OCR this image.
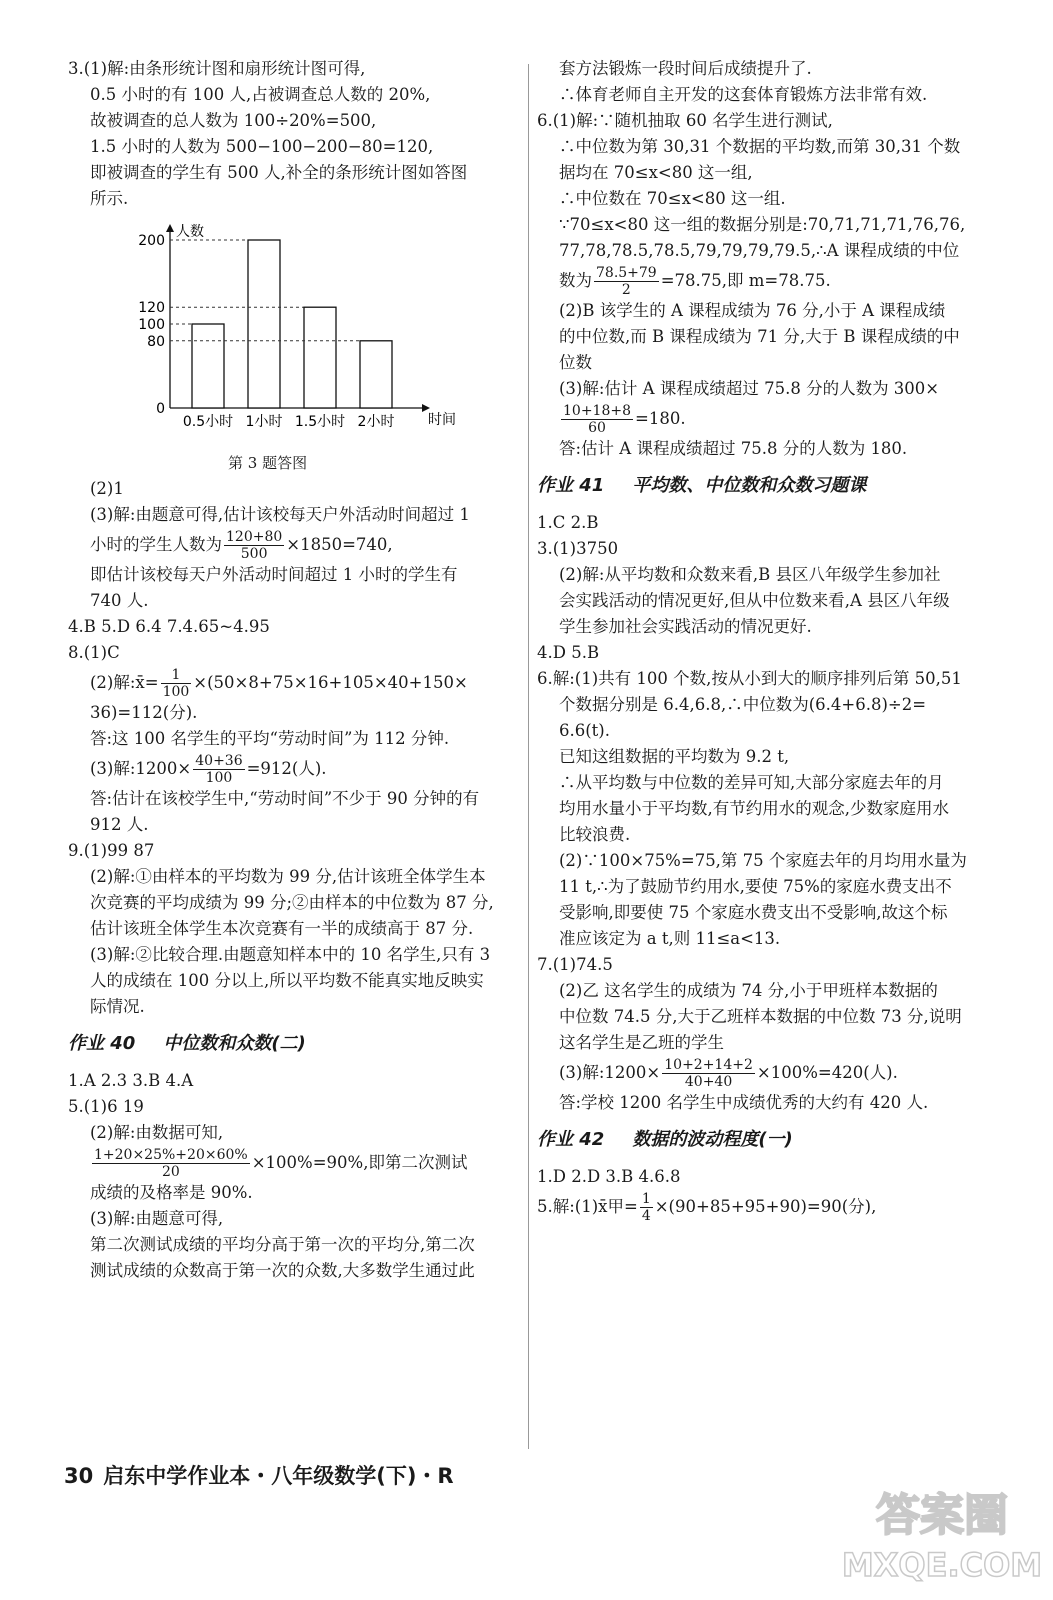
3.(1)解:由条形统计图和扇形统计图可得,
0.5 小时的有 100 人,占被调查总人数的 20%,
故被调查的总人数为 100÷20%=500,
1.5 小时的人数为 500−100−200−80=120,
即被调查的学生有 500 人,补全的条形统计图如答图
所示.
人数
时间
0.5小时 1小时 1.5小时 2小时
0
80
100
120
200
第 3 题答图
(2)1
(3)解:由题意可得,估计该校每天户外活动时间超过 1
小时的学生人数为 $\frac{120+80}{500} \times 1850=740$,
即估计该校每天户外活动时间超过 1 小时的学生有
740 人.
4.B 5.D 6.4 7.4.65~4.95
8.(1)C
(2)解:x̄= $\frac{1}{100} \times(50\times 8+75\times 16+105\times 40+150\times$
36)=112(分).
答:这 100 名学生的平均“劳动时间”为 112 分钟.
(3)解:1200× $\frac{40+36}{100} =912$(人).
答:估计在该校学生中,“劳动时间”不少于 90 分钟的有
912 人.
9.(1)99 87
(2)解:①由样本的平均数为 99 分,估计该班全体学生本
次竞赛的平均成绩为 99 分;②由样本的中位数为 87 分,
估计该班全体学生本次竞赛有一半的成绩高于 87 分.
(3)解:②比较合理.由题意知样本中的 10 名学生,只有 3
人的成绩在 100 分以上,所以平均数不能真实地反映实
际情况.
作业 40 中位数和众数(二)
1.A 2.3 3.B 4.A
5.(1)6 19
(2)解:由数据可知,
$\frac{1+20\times 25\%+20\times 60\%}{20} \times 100\%=90\%$,即第二次测试
成绩的及格率是 90%.
(3)解:由题意可得,
第二次测试成绩的平均分高于第一次的平均分,第二次
测试成绩的众数高于第一次的众数,大多数学生通过此
套方法锻炼一段时间后成绩提升了.
∴体育老师自主开发的这套体育锻炼方法非常有效.
6.(1)解:∵随机抽取 60 名学生进行测试,
∴中位数为第 30,31 个数据的平均数,而第 30,31 个数
据均在 70≤x<80 这一组,
∴中位数在 70≤x<80 这一组.
∵70≤x<80 这一组的数据分别是:70,71,71,71,76,76,
77,78,78.5,78.5,79,79,79,79.5,∴A 课程成绩的中位
数为 $\frac{78.5+79}{2} =78.75$,即 m=78.75.
(2)B 该学生的 A 课程成绩为 76 分,小于 A 课程成绩
的中位数,而 B 课程成绩为 71 分,大于 B 课程成绩的中
位数
(3)解:估计 A 课程成绩超过 75.8 分的人数为 300×
$\frac{10+18+8}{60} =180$.
答:估计 A 课程成绩超过 75.8 分的人数为 180.
作业 41 平均数、中位数和众数习题课
1.C 2.B
3.(1)3750
(2)解:从平均数和众数来看,B 县区八年级学生参加社
会实践活动的情况更好,但从中位数来看,A 县区八年级
学生参加社会实践活动的情况更好.
4.D 5.B
6.解:(1)共有 100 个数,按从小到大的顺序排列后第 50,51
个数据分别是 6.4,6.8,∴中位数为(6.4+6.8)÷2=
6.6(t).
已知这组数据的平均数为 9.2 t,
∴从平均数与中位数的差异可知,大部分家庭去年的月
均用水量小于平均数,有节约用水的观念,少数家庭用水
比较浪费.
(2)∵100×75%=75,第 75 个家庭去年的月均用水量为
11 t,∴为了鼓励节约用水,要使 75%的家庭水费支出不
受影响,即要使 75 个家庭水费支出不受影响,故这个标
准应该定为 a t,则 11≤a<13.
7.(1)74.5
(2)乙 这名学生的成绩为 74 分,小于甲班样本数据的
中位数 74.5 分,大于乙班样本数据的中位数 73 分,说明
这名学生是乙班的学生
(3)解:1200× $\frac{10+2+14+2}{40+40} \times 100\%=420$(人).
答:学校 1200 名学生中成绩优秀的大约有 420 人.
作业 42 数据的波动程度(一)
1.D 2.D 3.B 4.6.8
5.解:(1)x̄甲= $\frac{1}{4} \times(90+85+95+90)=90$(分),
30 启东中学作业本・八年级数学(下)・R
答案圈
MXQE.COM
